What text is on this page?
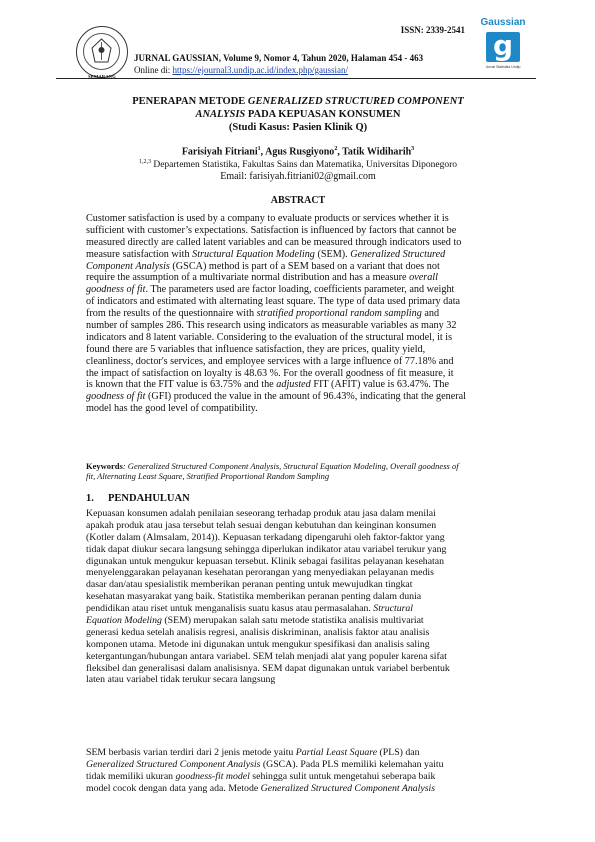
SEMARANG
ISSN: 2339-2541
JURNAL GAUSSIAN, Volume 9, Nomor 4, Tahun 2020, Halaman 454 - 463
Online di: https://ejournal3.undip.ac.id/index.php/gaussian/
Gaussian
g
Jurnal Statistika Undip
PENERAPAN METODE GENERALIZED STRUCTURED COMPONENT
ANALYSIS PADA KEPUASAN KONSUMEN
(Studi Kasus: Pasien Klinik Q)
Farisiyah Fitriani$^1$, Agus Rusgiyono$^2$, Tatik Widiharih$^3$
$^{1,2,3}$ Departemen Statistika, Fakultas Sains dan Matematika, Universitas Diponegoro
Email: farisiyah.fitriani02@gmail.com
ABSTRACT
Customer satisfaction is used by a company to evaluate products or services whether it is
sufficient with customer’s expectations. Satisfaction is influenced by factors that cannot be
measured directly are called latent variables and can be measured through indicators used to
measure satisfaction with Structural Equation Modeling (SEM). Generalized Structured
Component Analysis (GSCA) method is part of a SEM based on a variant that does not
require the assumption of a multivariate normal distribution and has a measure overall
goodness of fit. The parameters used are factor loading, coefficients parameter, and weight
of indicators and estimated with alternating least square. The type of data used primary data
from the results of the questionnaire with stratified proportional random sampling and
number of samples 286. This research using indicators as measurable variables as many 32
indicators and 8 latent variable. Considering to the evaluation of the structural model, it is
found there are 5 variables that influence satisfaction, they are prices, quality yield,
cleanliness, doctor's services, and employee services with a large influence of 77.18% and
the impact of satisfaction on loyalty is 48.63 %. For the overall goodness of fit measure, it
is known that the FIT value is 63.75% and the adjusted FIT (AFIT) value is 63.47%. The
goodness of fit (GFI) produced the value in the amount of 96.43%, indicating that the general
model has the good level of compatibility.
Keywords: Generalized Structured Component Analysis, Structural Equation Modeling, Overall goodness of
fit, Alternating Least Square, Stratified Proportional Random Sampling
1. PENDAHULUAN
Kepuasan konsumen adalah penilaian seseorang terhadap produk atau jasa dalam menilai
apakah produk atau jasa tersebut telah sesuai dengan kebutuhan dan keinginan konsumen
(Kotler dalam (Almsalam, 2014)). Kepuasan terkadang dipengaruhi oleh faktor-faktor yang
tidak dapat diukur secara langsung sehingga diperlukan indikator atau variabel terukur yang
digunakan untuk mengukur kepuasan tersebut. Klinik sebagai fasilitas pelayanan kesehatan
menyelenggarakan pelayanan kesehatan perorangan yang menyediakan pelayanan medis
dasar dan/atau spesialistik memberikan peranan penting untuk mewujudkan tingkat
kesehatan masyarakat yang baik. Statistika memberikan peranan penting dalam dunia
pendidikan atau riset untuk menganalisis suatu kasus atau permasalahan. Structural
Equation Modeling (SEM) merupakan salah satu metode statistika analisis multivariat
generasi kedua setelah analisis regresi, analisis diskriminan, analisis faktor atau analisis
komponen utama. Metode ini digunakan untuk mengukur spesifikasi dan analisis saling
ketergantungan/hubungan antara variabel. SEM telah menjadi alat yang populer karena sifat
fleksibel dan generalisasi dalam analisisnya. SEM dapat digunakan untuk variabel berbentuk
laten atau variabel tidak terukur secara langsung
SEM berbasis varian terdiri dari 2 jenis metode yaitu Partial Least Square (PLS) dan
Generalized Structured Component Analysis (GSCA). Pada PLS memiliki kelemahan yaitu
tidak memiliki ukuran goodness-fit model sehingga sulit untuk mengetahui seberapa baik
model cocok dengan data yang ada. Metode Generalized Structured Component Analysis
